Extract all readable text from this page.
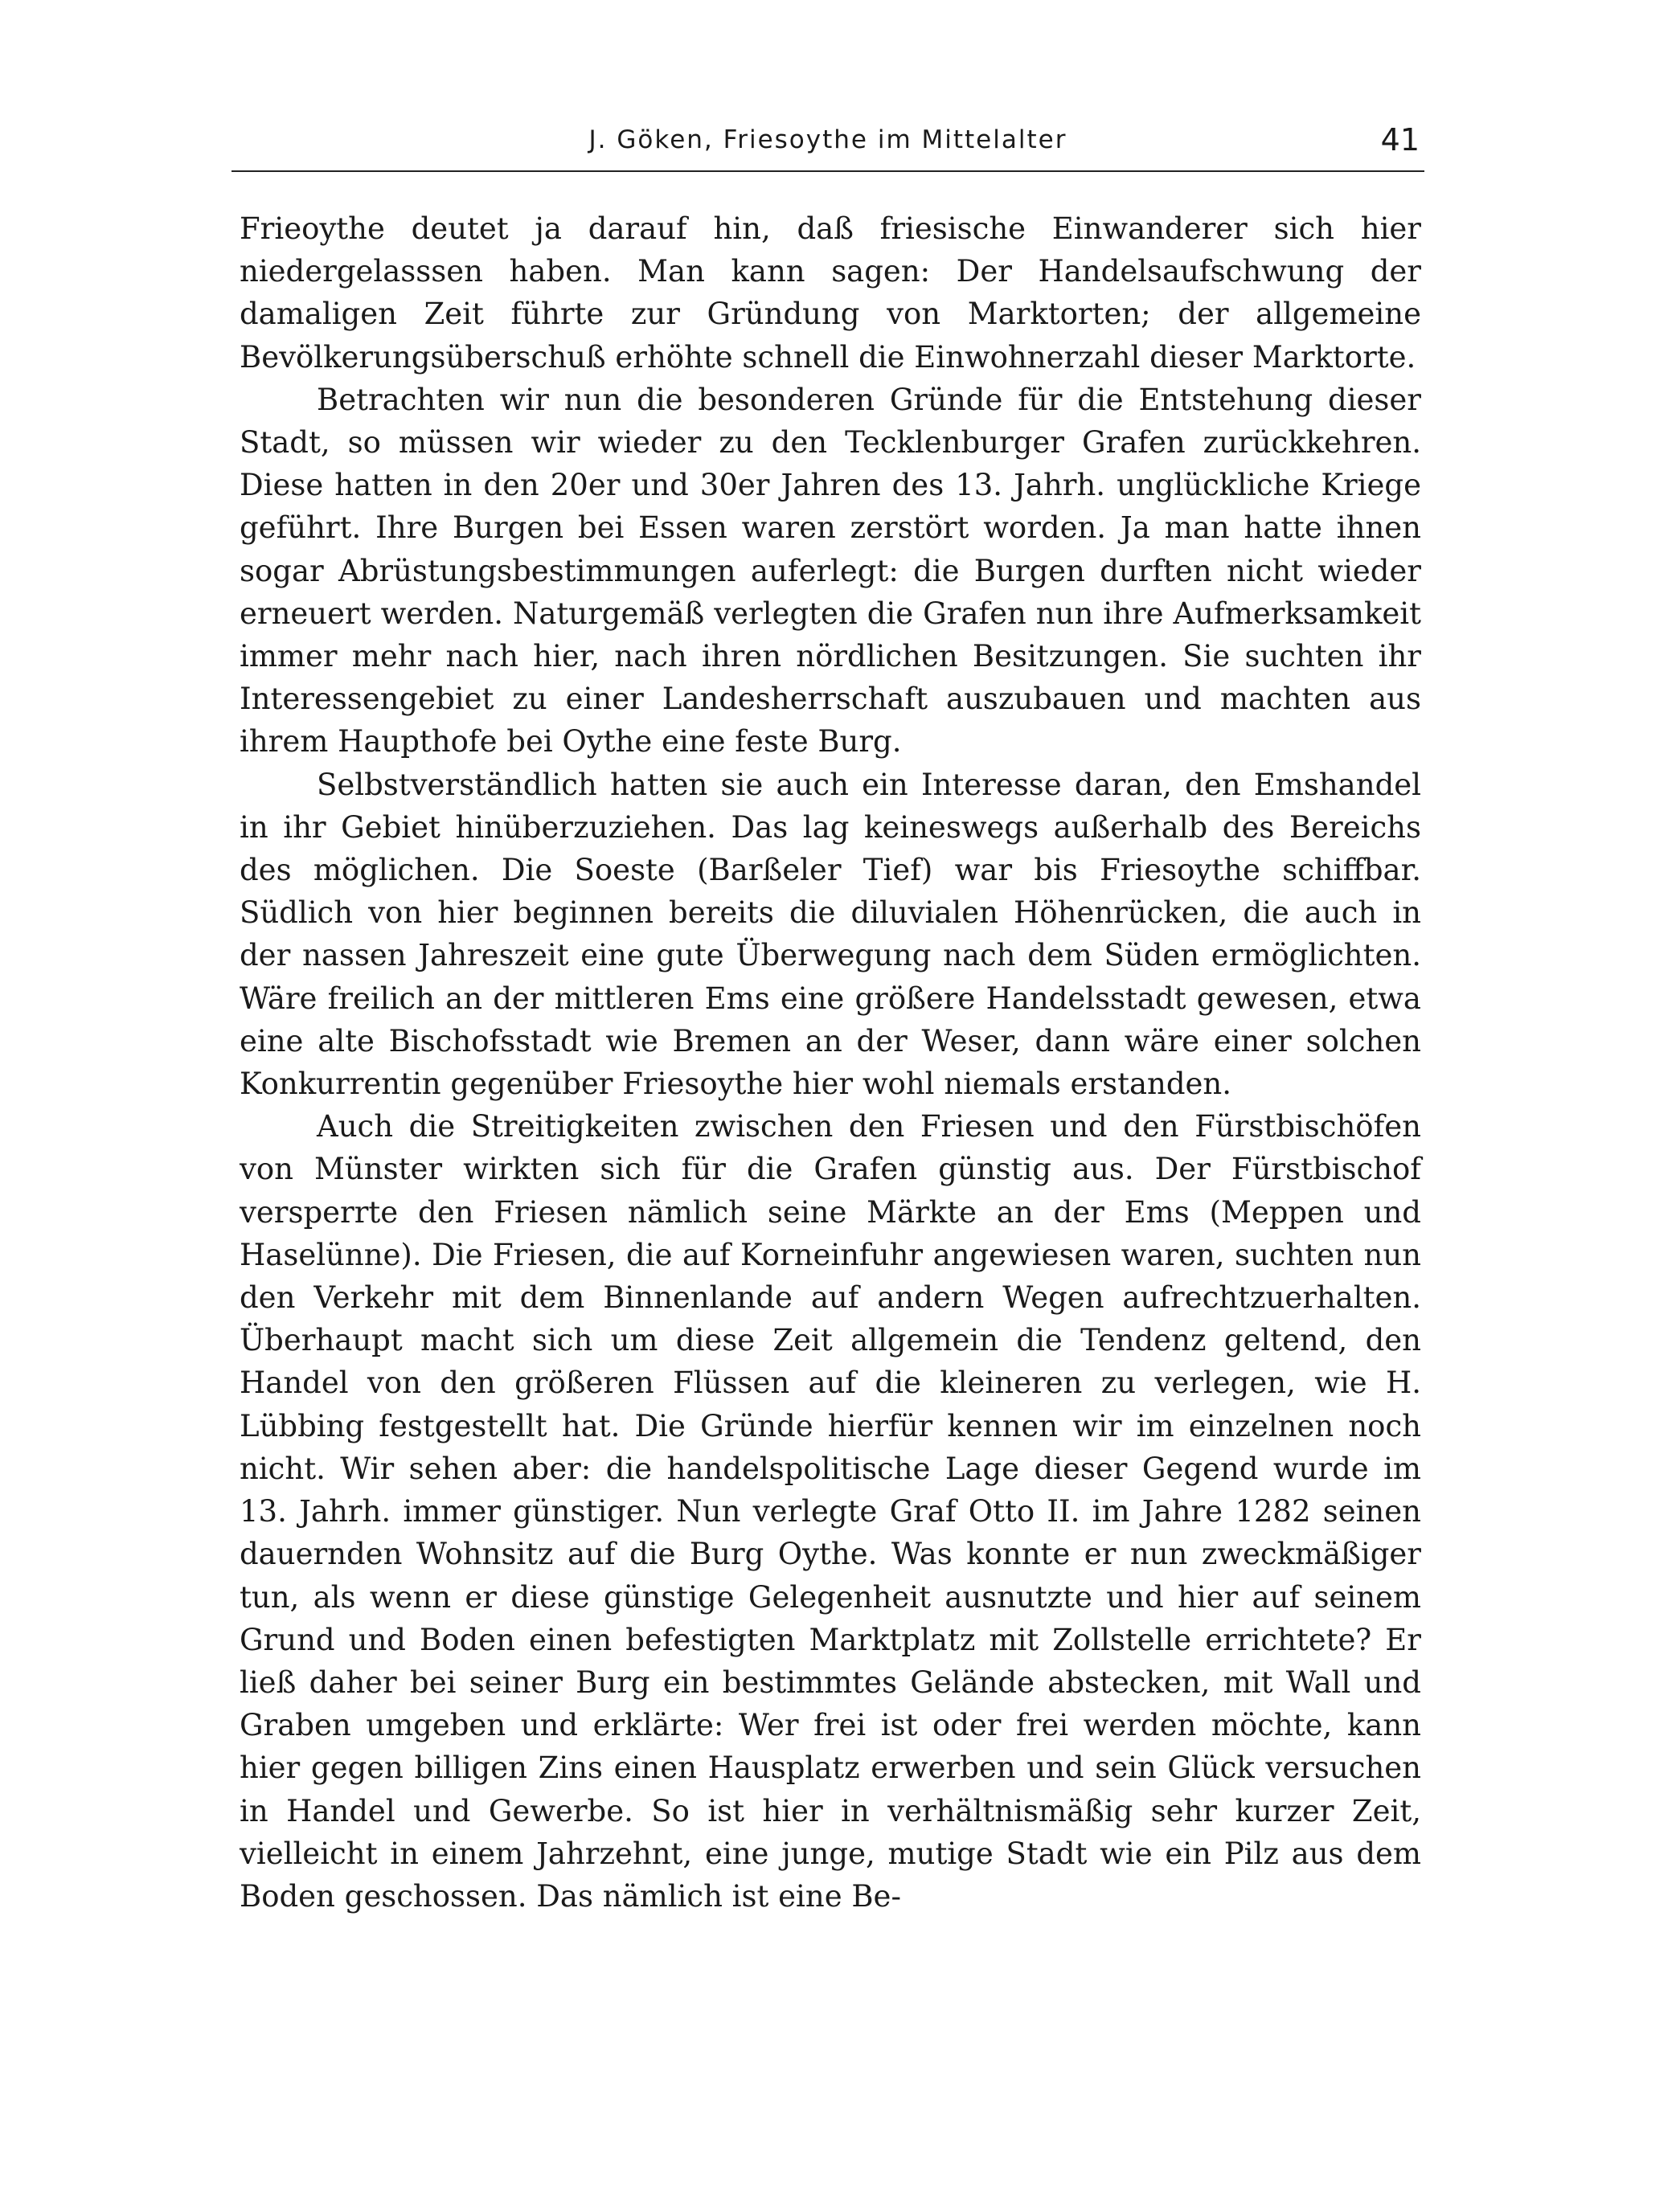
J. Göken, Friesoythe im Mittelalter	41

Frieoythe deutet ja darauf hin, daß friesische Einwanderer sich hier niedergelasssen haben. Man kann sagen: Der Handelsaufschwung der damaligen Zeit führte zur Gründung von Marktorten; der allgemeine Bevölkerungsüberschuß erhöhte schnell die Einwohnerzahl dieser Marktorte.

Betrachten wir nun die besonderen Gründe für die Entstehung dieser Stadt, so müssen wir wieder zu den Tecklenburger Grafen zurückkehren. Diese hatten in den 20er und 30er Jahren des 13. Jahrh. unglückliche Kriege geführt. Ihre Burgen bei Essen waren zerstört worden. Ja man hatte ihnen sogar Abrüstungsbestimmungen auferlegt: die Burgen durften nicht wieder erneuert werden. Naturgemäß verlegten die Grafen nun ihre Aufmerksamkeit immer mehr nach hier, nach ihren nördlichen Besitzungen. Sie suchten ihr Interessengebiet zu einer Landesherrschaft auszubauen und machten aus ihrem Haupthofe bei Oythe eine feste Burg.

Selbstverständlich hatten sie auch ein Interesse daran, den Emshandel in ihr Gebiet hinüberzuziehen. Das lag keineswegs außerhalb des Bereichs des möglichen. Die Soeste (Barßeler Tief) war bis Friesoythe schiffbar. Südlich von hier beginnen bereits die diluvialen Höhenrücken, die auch in der nassen Jahreszeit eine gute Überwegung nach dem Süden ermöglichten. Wäre freilich an der mittleren Ems eine größere Handelsstadt gewesen, etwa eine alte Bischofsstadt wie Bremen an der Weser, dann wäre einer solchen Konkurrentin gegenüber Friesoythe hier wohl niemals erstanden.

Auch die Streitigkeiten zwischen den Friesen und den Fürstbischöfen von Münster wirkten sich für die Grafen günstig aus. Der Fürstbischof versperrte den Friesen nämlich seine Märkte an der Ems (Meppen und Haselünne). Die Friesen, die auf Korneinfuhr angewiesen waren, suchten nun den Verkehr mit dem Binnenlande auf andern Wegen aufrechtzuerhalten. Überhaupt macht sich um diese Zeit allgemein die Tendenz geltend, den Handel von den größeren Flüssen auf die kleineren zu verlegen, wie H. Lübbing festgestellt hat. Die Gründe hierfür kennen wir im einzelnen noch nicht. Wir sehen aber: die handelspolitische Lage dieser Gegend wurde im 13. Jahrh. immer günstiger. Nun verlegte Graf Otto II. im Jahre 1282 seinen dauernden Wohnsitz auf die Burg Oythe. Was konnte er nun zweckmäßiger tun, als wenn er diese günstige Gelegenheit ausnutzte und hier auf seinem Grund und Boden einen befestigten Marktplatz mit Zollstelle errichtete? Er ließ daher bei seiner Burg ein bestimmtes Gelände abstecken, mit Wall und Graben umgeben und erklärte: Wer frei ist oder frei werden möchte, kann hier gegen billigen Zins einen Hausplatz erwerben und sein Glück versuchen in Handel und Gewerbe. So ist hier in verhältnismäßig sehr kurzer Zeit, vielleicht in einem Jahrzehnt, eine junge, mutige Stadt wie ein Pilz aus dem Boden geschossen. Das nämlich ist eine Be-
